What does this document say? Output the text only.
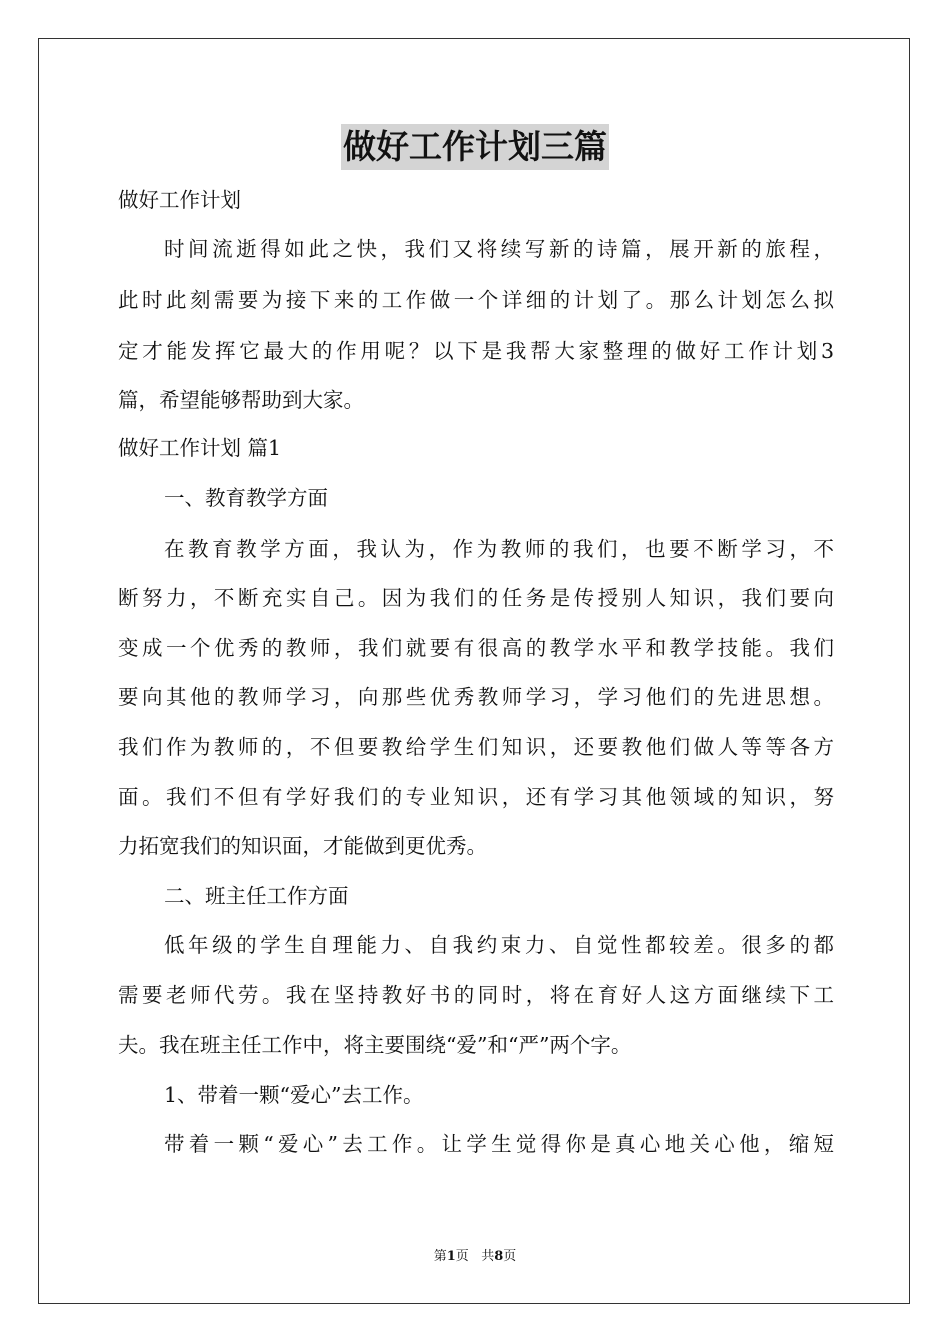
做好工作计划三篇
做好工作计划
时间流逝得如此之快，我们又将续写新的诗篇，展开新的旅程，
此时此刻需要为接下来的工作做一个详细的计划了。那么计划怎么拟
定才能发挥它最大的作用呢？以下是我帮大家整理的做好工作计划3
篇，希望能够帮助到大家。
做好工作计划 篇1
一、教育教学方面
在教育教学方面，我认为，作为教师的我们，也要不断学习，不
断努力，不断充实自己。因为我们的任务是传授别人知识，我们要向
变成一个优秀的教师，我们就要有很高的教学水平和教学技能。我们
要向其他的教师学习，向那些优秀教师学习，学习他们的先进思想。
我们作为教师的，不但要教给学生们知识，还要教他们做人等等各方
面。我们不但有学好我们的专业知识，还有学习其他领域的知识，努
力拓宽我们的知识面，才能做到更优秀。
二、班主任工作方面
低年级的学生自理能力、自我约束力、自觉性都较差。很多的都
需要老师代劳。我在坚持教好书的同时，将在育好人这方面继续下工
夫。我在班主任工作中，将主要围绕“爱”和“严”两个字。
1、带着一颗“爱心”去工作。
带着一颗“爱心”去工作。让学生觉得你是真心地关心他，缩短
第1页 共8页
